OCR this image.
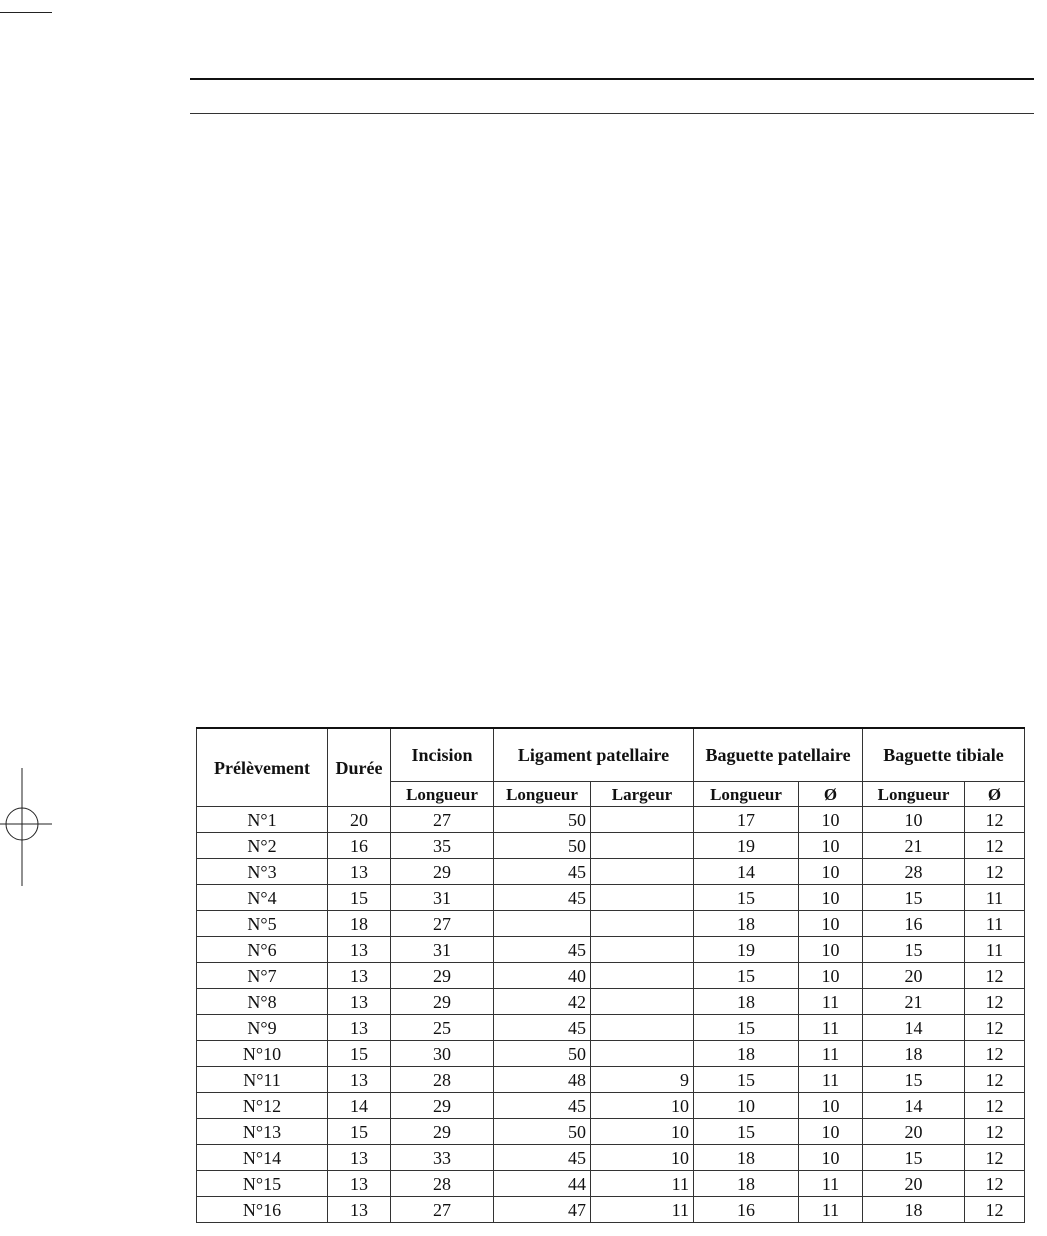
Prélèvement	Durée	Incision	Ligament patellaire		Baguette patellaire		Baguette tibiale	
		Longueur	Longueur	Largeur	Longueur	Ø	Longueur	Ø
N°1	20	27	50		17	10	10	12
N°2	16	35	50		19	10	21	12
N°3	13	29	45		14	10	28	12
N°4	15	31	45		15	10	15	11
N°5	18	27			18	10	16	11
N°6	13	31	45		19	10	15	11
N°7	13	29	40		15	10	20	12
N°8	13	29	42		18	11	21	12
N°9	13	25	45		15	11	14	12
N°10	15	30	50		18	11	18	12
N°11	13	28	48	9	15	11	15	12
N°12	14	29	45	10	10	10	14	12
N°13	15	29	50	10	15	10	20	12
N°14	13	33	45	10	18	10	15	12
N°15	13	28	44	11	18	11	20	12
N°16	13	27	47	11	16	11	18	12
